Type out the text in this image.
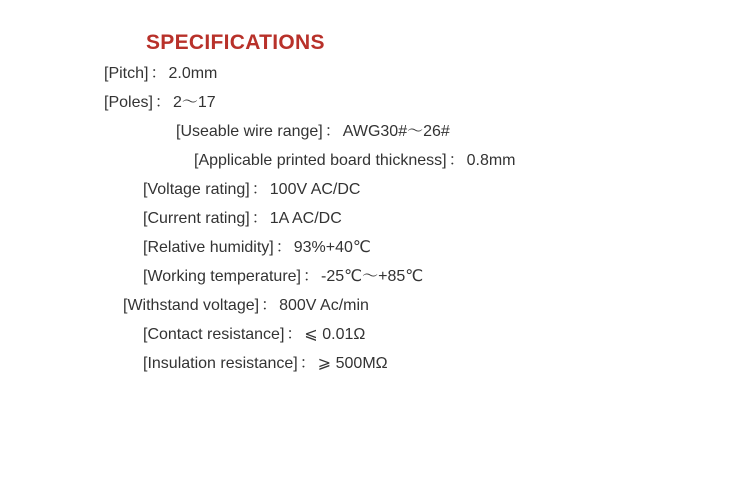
SPECIFICATIONS
[Pitch] ： 2.0mm
[Poles] ： 2～17
[Useable wire range] ： AWG30#～26#
[Applicable printed board thickness] ： 0.8mm
[Voltage rating] ： 100V AC/DC
[Current rating] ： 1A AC/DC
[Relative humidity] ： 93%+40℃
[Working temperature] ： -25℃～+85℃
[Withstand voltage] ： 800V Ac/min
[Contact resistance] ： ⩽ 0.01Ω
[Insulation resistance] ： ⩾ 500MΩ
